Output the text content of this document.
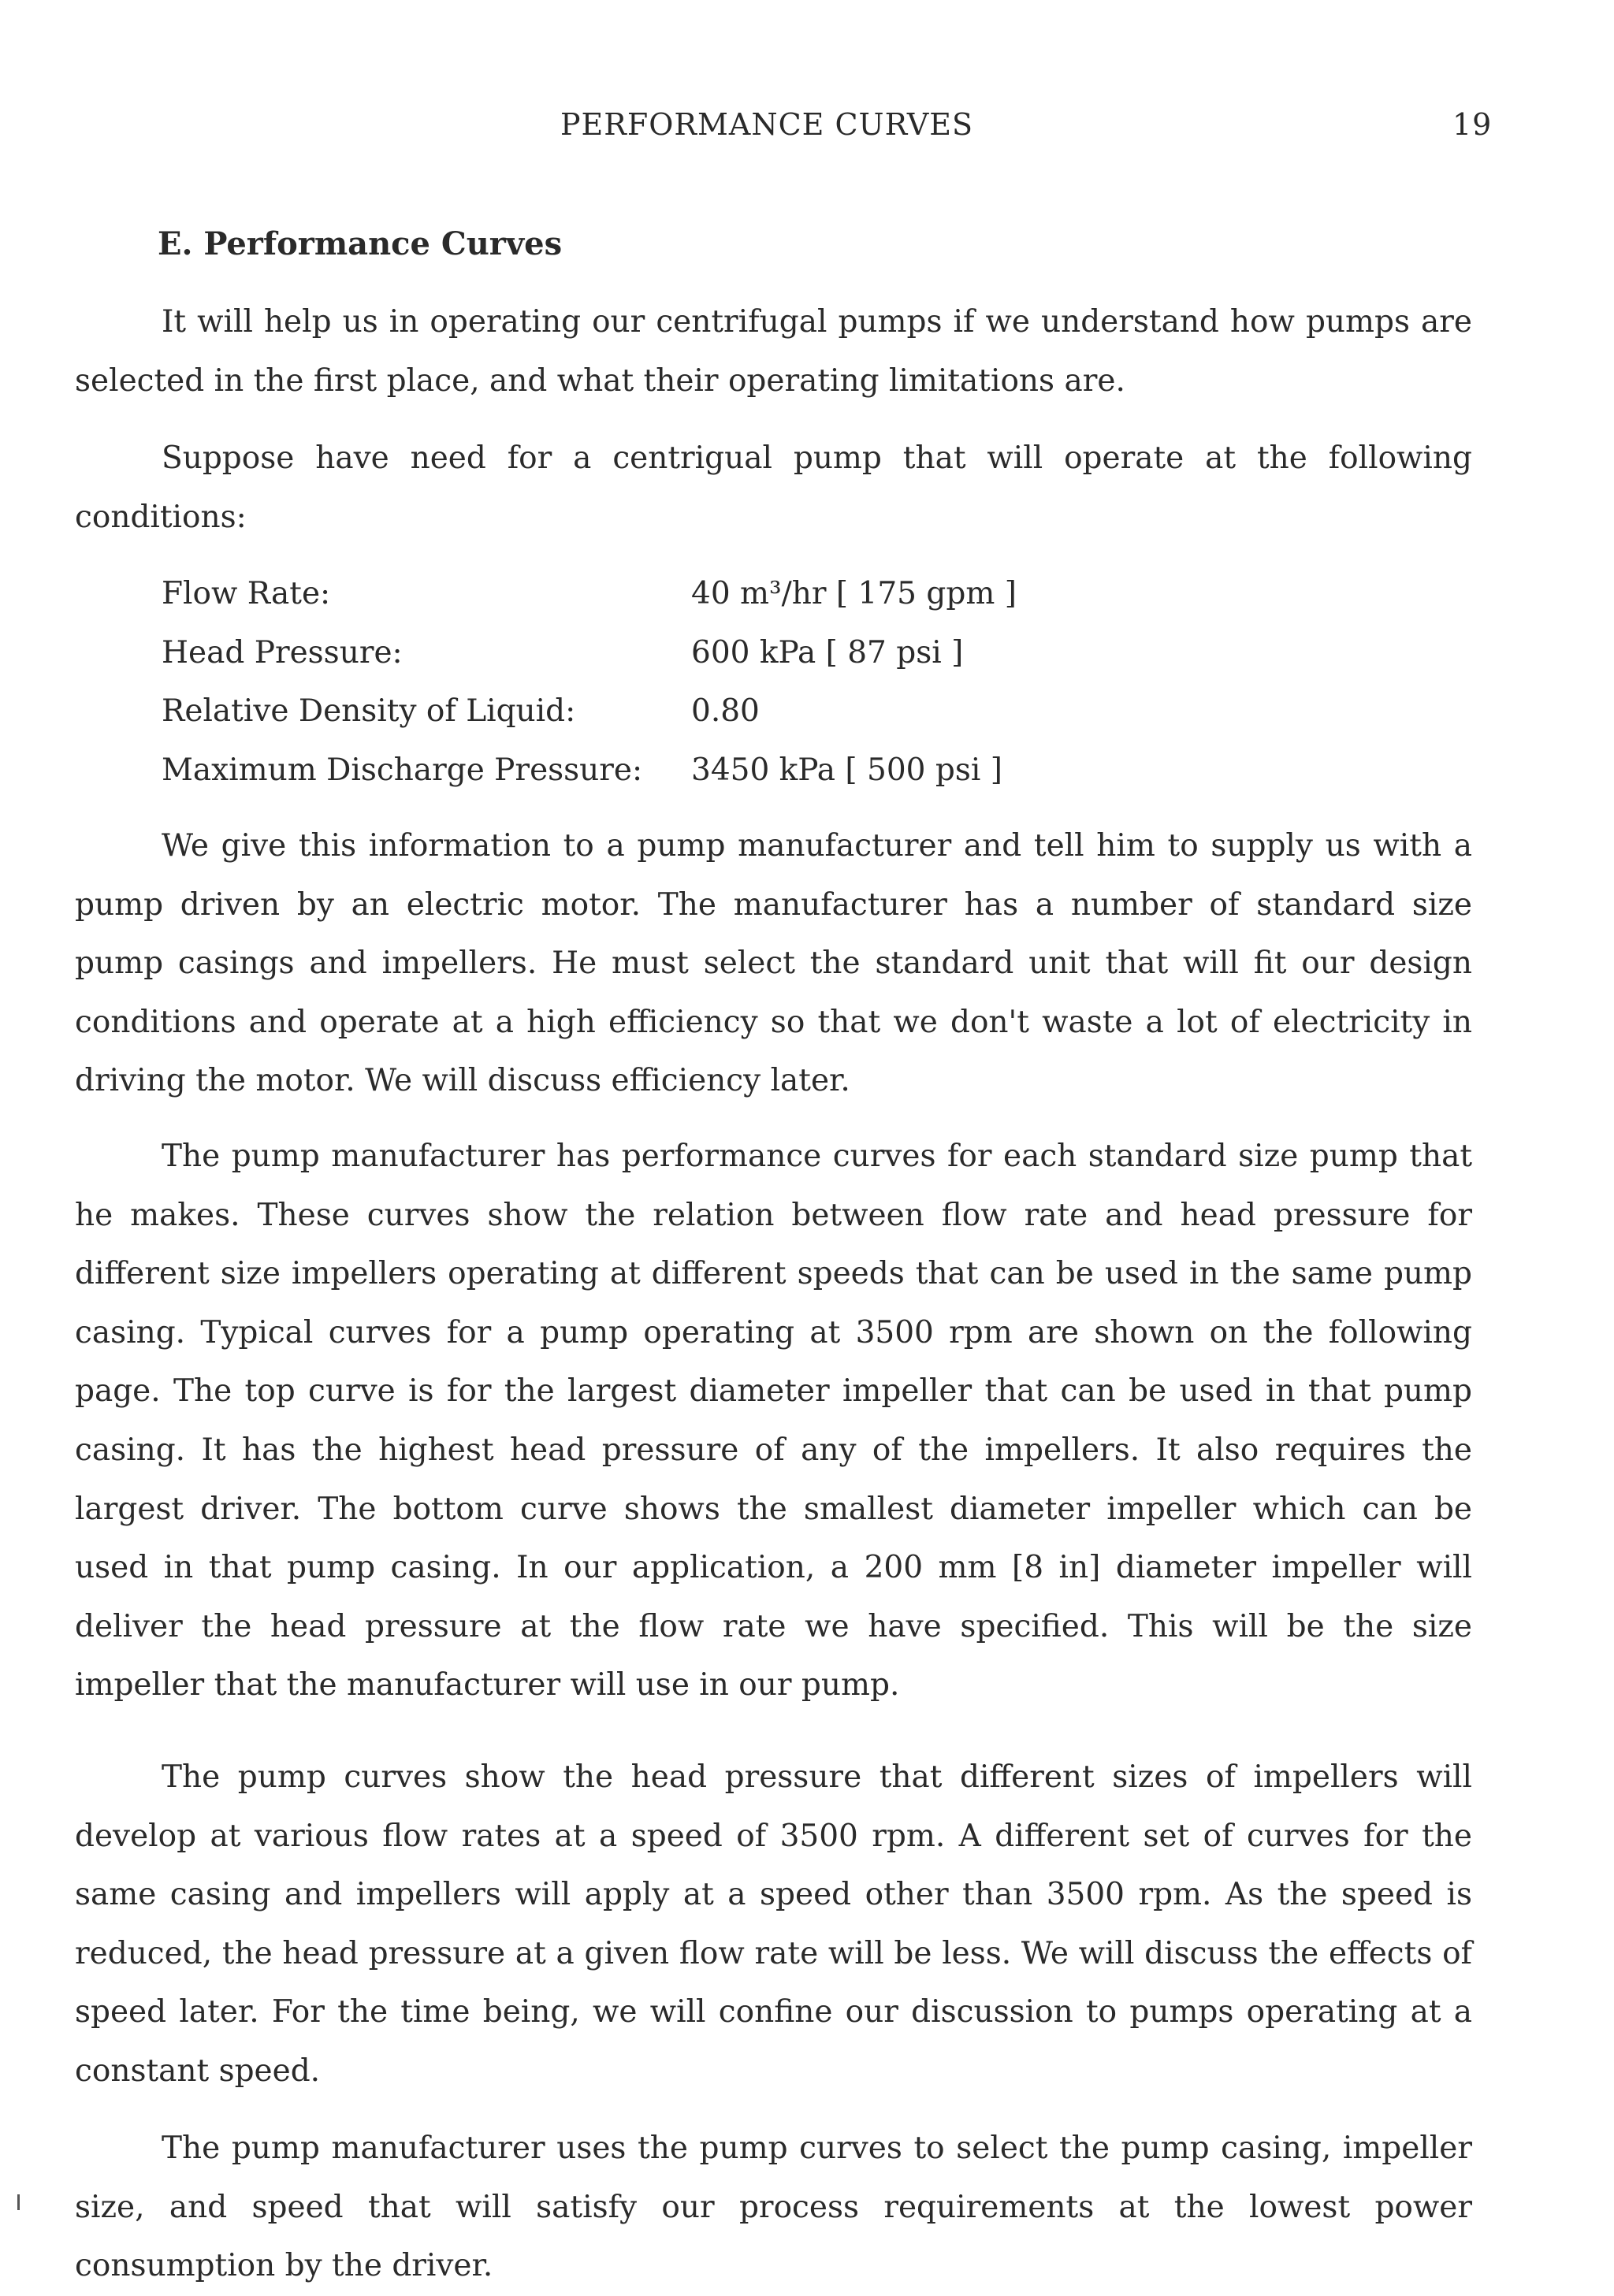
PERFORMANCE CURVES	19
E. Performance Curves

It will help us in operating our centrifugal pumps if we understand how pumps are selected in the first place, and what their operating limitations are.

Suppose have need for a centrigual pump that will operate at the following conditions:

Flow Rate:	40 m³/hr [ 175 gpm ]
Head Pressure:	600 kPa [ 87 psi ]
Relative Density of Liquid:	0.80
Maximum Discharge Pressure: 3450 kPa [ 500 psi ]

We give this information to a pump manufacturer and tell him to supply us with a pump driven by an electric motor. The manufacturer has a number of standard size pump casings and impellers. He must select the standard unit that will fit our design conditions and operate at a high efficiency so that we don't waste a lot of electricity in driving the motor. We will discuss efficiency later.

The pump manufacturer has performance curves for each standard size pump that he makes. These curves show the relation between flow rate and head pressure for different size impellers operating at different speeds that can be used in the same pump casing. Typical curves for a pump operating at 3500 rpm are shown on the following page. The top curve is for the largest diameter impeller that can be used in that pump casing. It has the highest head pressure of any of the impellers. It also requires the largest driver. The bottom curve shows the smallest diameter impeller which can be used in that pump casing. In our application, a 200 mm [8 in] diameter impeller will deliver the head pressure at the flow rate we have specified. This will be the size impeller that the manufacturer will use in our pump.

The pump curves show the head pressure that different sizes of impellers will develop at various flow rates at a speed of 3500 rpm. A different set of curves for the same casing and impellers will apply at a speed other than 3500 rpm. As the speed is reduced, the head pressure at a given flow rate will be less. We will discuss the effects of speed later. For the time being, we will confine our discussion to pumps operating at a constant speed.

The pump manufacturer uses the pump curves to select the pump casing, impeller size, and speed that will satisfy our process requirements at the lowest power consumption by the driver.
